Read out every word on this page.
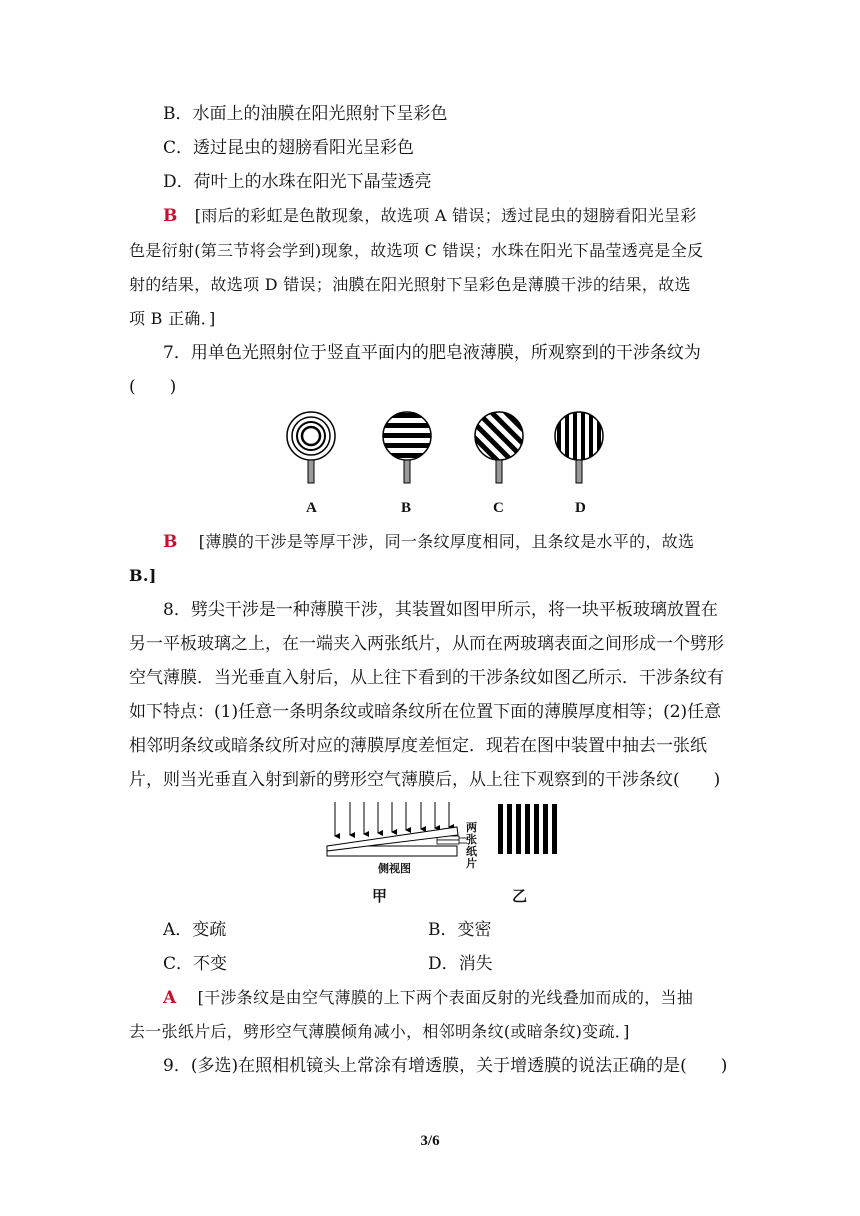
B．水面上的油膜在阳光照射下呈彩色
C．透过昆虫的翅膀看阳光呈彩色
D．荷叶上的水珠在阳光下晶莹透亮
B [雨后的彩虹是色散现象，故选项 A 错误；透过昆虫的翅膀看阳光呈彩
色是衍射(第三节将会学到)现象，故选项 C 错误；水珠在阳光下晶莹透亮是全反
射的结果，故选项 D 错误；油膜在阳光照射下呈彩色是薄膜干涉的结果，故选
项 B 正确．]
7．用单色光照射位于竖直平面内的肥皂液薄膜，所观察到的干涉条纹为
(　　)
A	B	C	D
B [薄膜的干涉是等厚干涉，同一条纹厚度相同，且条纹是水平的，故选
B.]
8．劈尖干涉是一种薄膜干涉，其装置如图甲所示，将一块平板玻璃放置在
另一平板玻璃之上，在一端夹入两张纸片，从而在两玻璃表面之间形成一个劈形
空气薄膜．当光垂直入射后，从上往下看到的干涉条纹如图乙所示．干涉条纹有
如下特点：(1)任意一条明条纹或暗条纹所在位置下面的薄膜厚度相等；(2)任意
相邻明条纹或暗条纹所对应的薄膜厚度差恒定．现若在图中装置中抽去一张纸
片，则当光垂直入射到新的劈形空气薄膜后，从上往下观察到的干涉条纹(　　)
侧视图
两
张
纸
片
甲	乙
A．变疏	B．变密
C．不变	D．消失
A [干涉条纹是由空气薄膜的上下两个表面反射的光线叠加而成的，当抽
去一张纸片后，劈形空气薄膜倾角减小，相邻明条纹(或暗条纹)变疏．]
9．(多选)在照相机镜头上常涂有增透膜，关于增透膜的说法正确的是(　　)
3/6
